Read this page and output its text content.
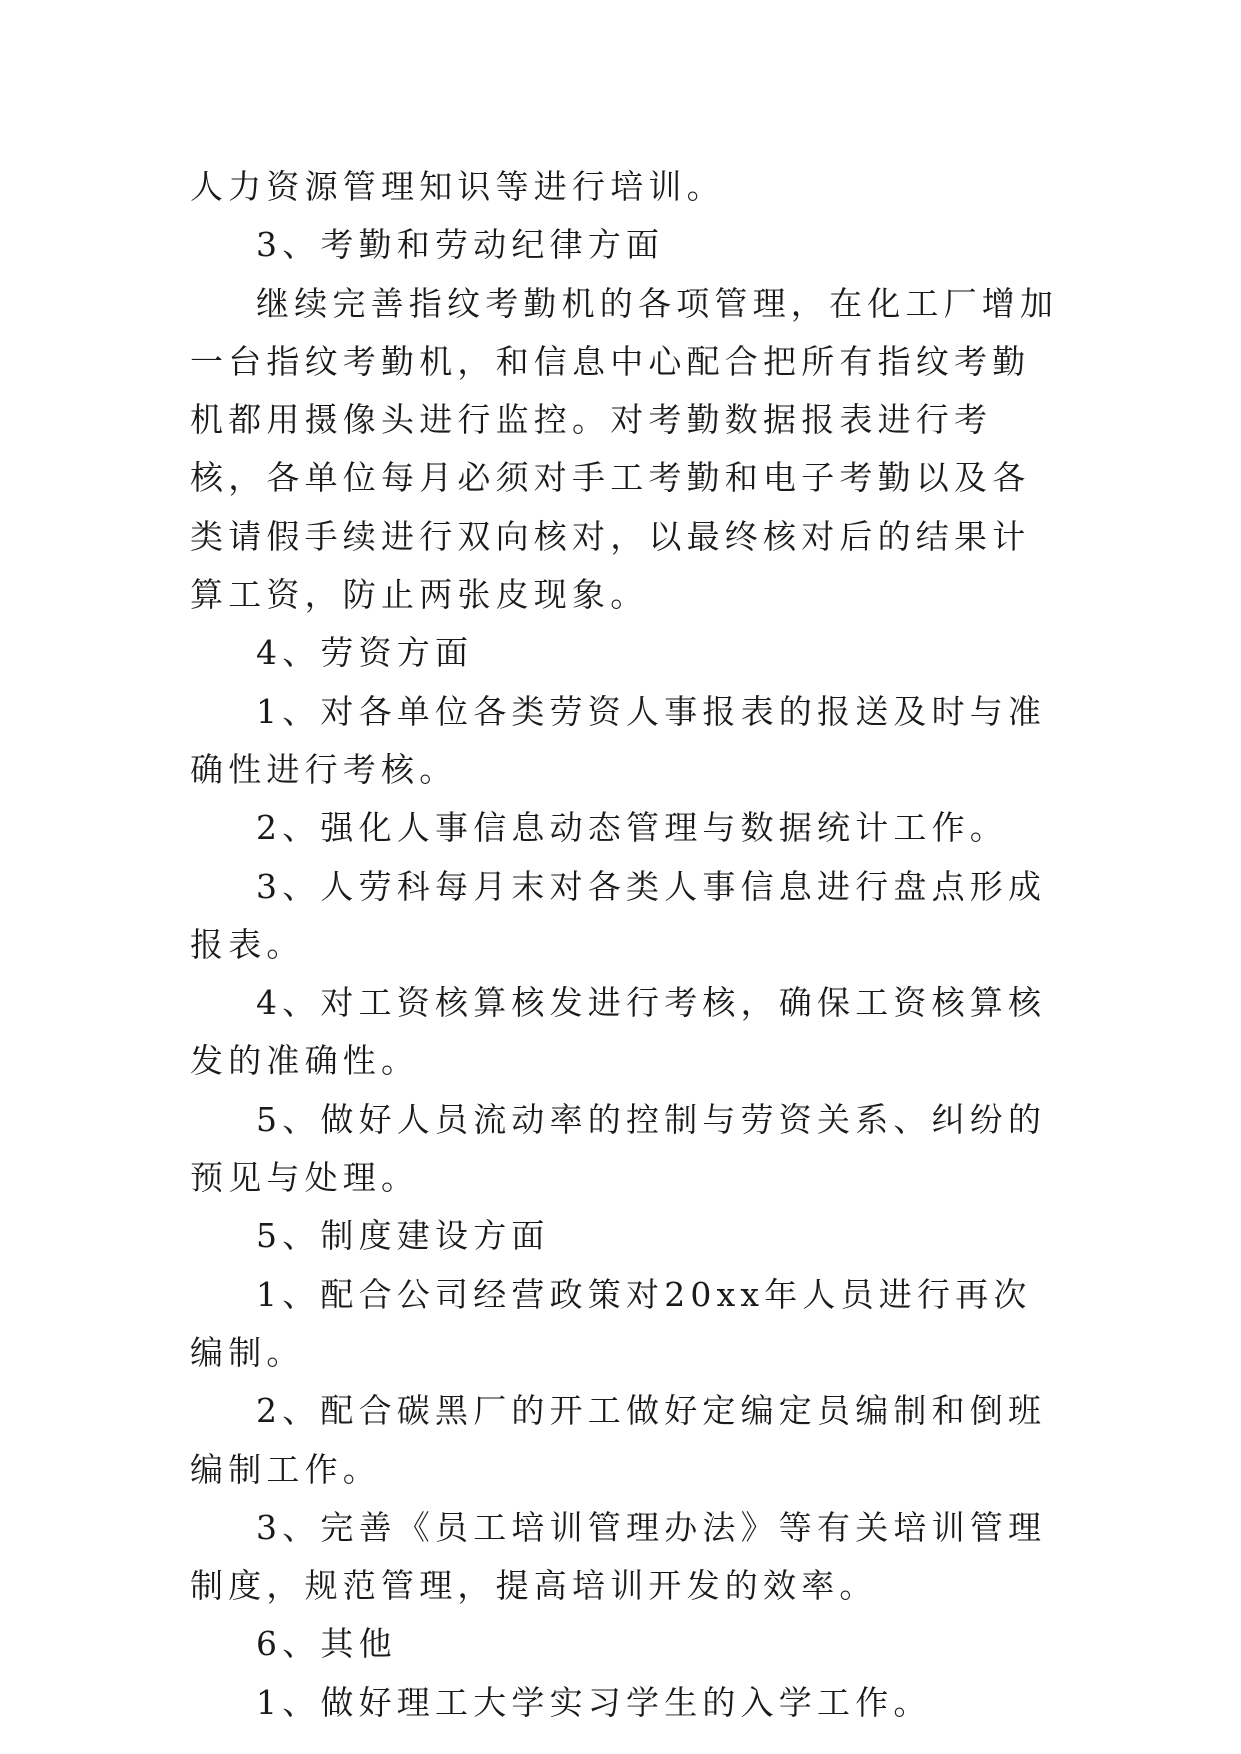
人力资源管理知识等进行培训。

3、考勤和劳动纪律方面

继续完善指纹考勤机的各项管理，在化工厂增加一台指纹考勤机，和信息中心配合把所有指纹考勤机都用摄像头进行监控。对考勤数据报表进行考核，各单位每月必须对手工考勤和电子考勤以及各类请假手续进行双向核对，以最终核对后的结果计算工资，防止两张皮现象。

4、劳资方面

1、对各单位各类劳资人事报表的报送及时与准确性进行考核。

2、强化人事信息动态管理与数据统计工作。

3、人劳科每月末对各类人事信息进行盘点形成报表。

4、对工资核算核发进行考核，确保工资核算核发的准确性。

5、做好人员流动率的控制与劳资关系、纠纷的预见与处理。

5、制度建设方面

1、配合公司经营政策对20xx年人员进行再次编制。

2、配合碳黑厂的开工做好定编定员编制和倒班编制工作。

3、完善《员工培训管理办法》等有关培训管理制度，规范管理，提高培训开发的效率。

6、其他

1、做好理工大学实习学生的入学工作。
